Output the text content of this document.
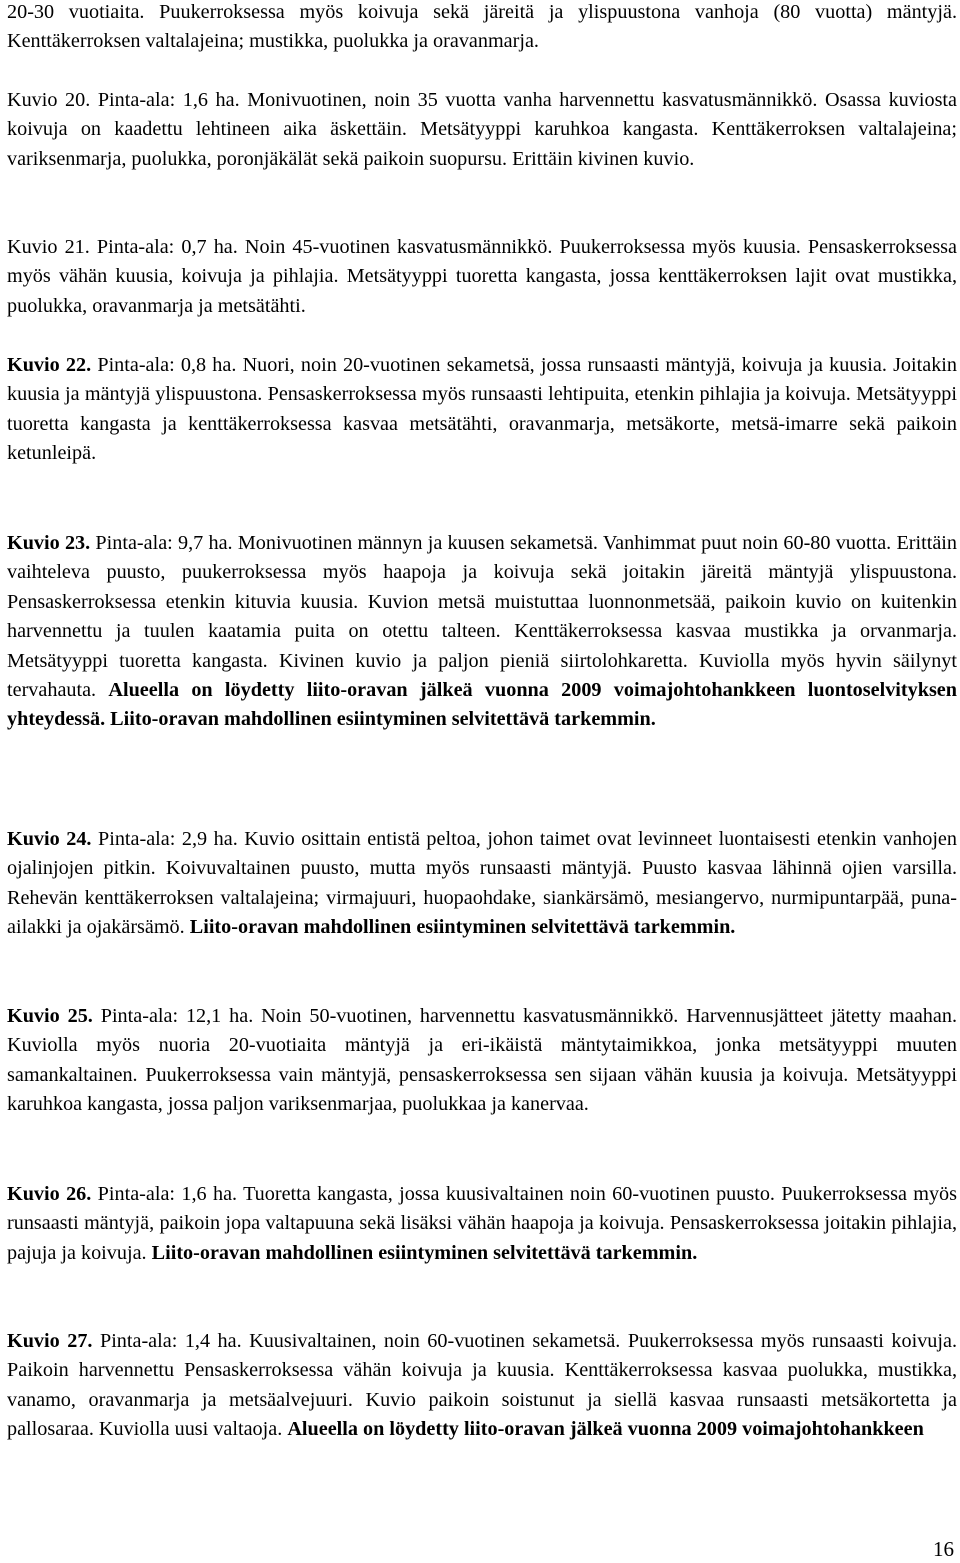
20-30 vuotiaita. Puukerroksessa myös koivuja sekä järeitä ja ylispuustona vanhoja (80 vuotta) mäntyjä. Kenttäkerroksen valtalajeina; mustikka, puolukka ja oravanmarja.

Kuvio 20. Pinta-ala: 1,6 ha. Monivuotinen, noin 35 vuotta vanha harvennettu kasvatusmännikkö. Osassa kuviosta koivuja on kaadettu lehtineen aika äskettäin. Metsätyyppi karuhkoa kangasta. Kenttäkerroksen valtalajeina; variksenmarja, puolukka, poronjäkälät sekä paikoin suopursu. Erittäin kivinen kuvio.

Kuvio 21. Pinta-ala: 0,7 ha. Noin 45-vuotinen kasvatusmännikkö. Puukerroksessa myös kuusia. Pensaskerroksessa myös vähän kuusia, koivuja ja pihlajia. Metsätyyppi tuoretta kangasta, jossa kenttäkerroksen lajit ovat mustikka, puolukka, oravanmarja ja metsätähti.

Kuvio 22. Pinta-ala: 0,8 ha. Nuori, noin 20-vuotinen sekametsä, jossa runsaasti mäntyjä, koivuja ja kuusia. Joitakin kuusia ja mäntyjä ylispuustona. Pensaskerroksessa myös runsaasti lehtipuita, etenkin pihlajia ja koivuja. Metsätyyppi tuoretta kangasta ja kenttäkerroksessa kasvaa metsätähti, oravanmarja, metsäkorte, metsä-imarre sekä paikoin ketunleipä.

Kuvio 23. Pinta-ala: 9,7 ha. Monivuotinen männyn ja kuusen sekametsä. Vanhimmat puut noin 60-80 vuotta. Erittäin vaihteleva puusto, puukerroksessa myös haapoja ja koivuja sekä joitakin järeitä mäntyjä ylispuustona. Pensaskerroksessa etenkin kituvia kuusia. Kuvion metsä muistuttaa luonnonmetsää, paikoin kuvio on kuitenkin harvennettu ja tuulen kaatamia puita on otettu talteen. Kenttäkerroksessa kasvaa mustikka ja orvanmarja. Metsätyyppi tuoretta kangasta. Kivinen kuvio ja paljon pieniä siirtolohkaretta. Kuviolla myös hyvin säilynyt tervahauta. Alueella on löydetty liito-oravan jälkeä vuonna 2009 voimajohtohankkeen luontoselvityksen yhteydessä. Liito-oravan mahdollinen esiintyminen selvitettävä tarkemmin.

Kuvio 24. Pinta-ala: 2,9 ha. Kuvio osittain entistä peltoa, johon taimet ovat levinneet luontaisesti etenkin vanhojen ojalinjojen pitkin. Koivuvaltainen puusto, mutta myös runsaasti mäntyjä. Puusto kasvaa lähinnä ojien varsilla. Rehevän kenttäkerroksen valtalajeina; virmajuuri, huopaohdake, siankärsämö, mesiangervo, nurmipuntarpää, puna-ailakki ja ojakärsämö. Liito-oravan mahdollinen esiintyminen selvitettävä tarkemmin.

Kuvio 25. Pinta-ala: 12,1 ha. Noin 50-vuotinen, harvennettu kasvatusmännikkö. Harvennusjätteet jätetty maahan. Kuviolla myös nuoria 20-vuotiaita mäntyjä ja eri-ikäistä mäntytaimikkoa, jonka metsätyyppi muuten samankaltainen. Puukerroksessa vain mäntyjä, pensaskerroksessa sen sijaan vähän kuusia ja koivuja. Metsätyyppi karuhkoa kangasta, jossa paljon variksenmarjaa, puolukkaa ja kanervaa.

Kuvio 26. Pinta-ala: 1,6 ha. Tuoretta kangasta, jossa kuusivaltainen noin 60-vuotinen puusto. Puukerroksessa myös runsaasti mäntyjä, paikoin jopa valtapuuna sekä lisäksi vähän haapoja ja koivuja. Pensaskerroksessa joitakin pihlajia, pajuja ja koivuja. Liito-oravan mahdollinen esiintyminen selvitettävä tarkemmin.

Kuvio 27. Pinta-ala: 1,4 ha. Kuusivaltainen, noin 60-vuotinen sekametsä. Puukerroksessa myös runsaasti koivuja. Paikoin harvennettu Pensaskerroksessa vähän koivuja ja kuusia. Kenttäkerroksessa kasvaa puolukka, mustikka, vanamo, oravanmarja ja metsäalvejuuri. Kuvio paikoin soistunut ja siellä kasvaa runsaasti metsäkortetta ja pallosaraa. Kuviolla uusi valtaoja. Alueella on löydetty liito-oravan jälkeä vuonna 2009 voimajohtohankkeen

16
